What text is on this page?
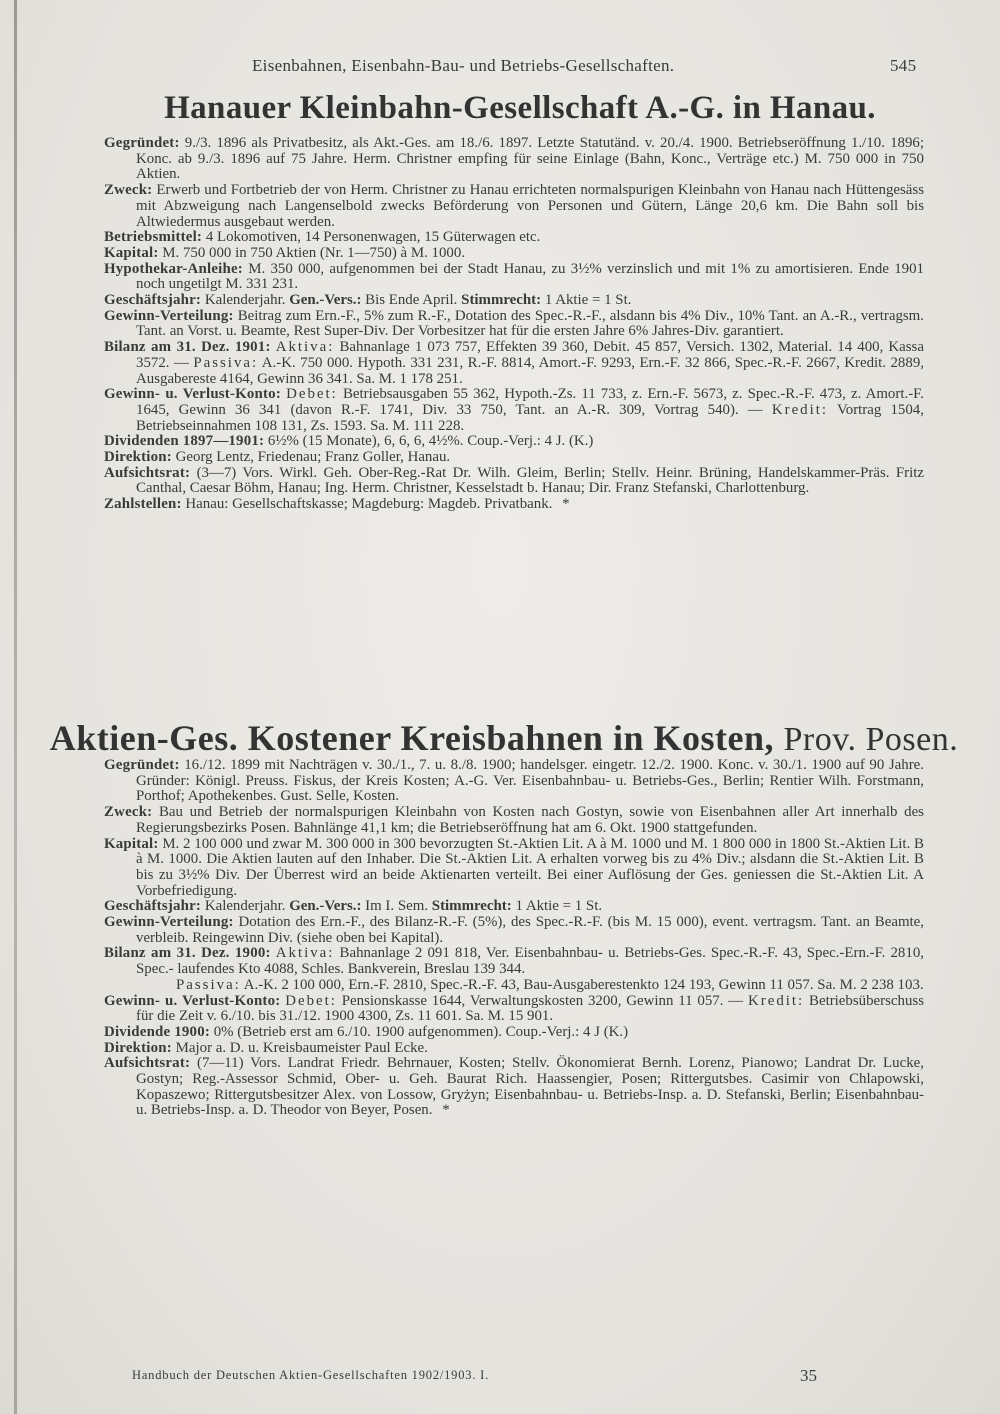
Eisenbahnen, Eisenbahn-Bau- und Betriebs-Gesellschaften.	545
Hanauer Kleinbahn-Gesellschaft A.-G. in Hanau.
Gegründet: 9./3. 1896 als Privatbesitz, als Akt.-Ges. am 18./6. 1897. Letzte Statutänd. v. 20./4. 1900. Betriebseröffnung 1./10. 1896; Konc. ab 9./3. 1896 auf 75 Jahre. Herm. Christner empfing für seine Einlage (Bahn, Konc., Verträge etc.) M. 750 000 in 750 Aktien.
Zweck: Erwerb und Fortbetrieb der von Herm. Christner zu Hanau errichteten normalspurigen Kleinbahn von Hanau nach Hüttengesäss mit Abzweigung nach Langenselbold zwecks Beförderung von Personen und Gütern, Länge 20,6 km. Die Bahn soll bis Altwiedermus ausgebaut werden.
Betriebsmittel: 4 Lokomotiven, 14 Personenwagen, 15 Güterwagen etc.
Kapital: M. 750 000 in 750 Aktien (Nr. 1—750) à M. 1000.
Hypothekar-Anleihe: M. 350 000, aufgenommen bei der Stadt Hanau, zu 3½% verzinslich und mit 1% zu amortisieren. Ende 1901 noch ungetilgt M. 331 231.
Geschäftsjahr: Kalenderjahr. Gen.-Vers.: Bis Ende April. Stimmrecht: 1 Aktie = 1 St.
Gewinn-Verteilung: Beitrag zum Ern.-F., 5% zum R.-F., Dotation des Spec.-R.-F., alsdann bis 4% Div., 10% Tant. an A.-R., vertragsm. Tant. an Vorst. u. Beamte, Rest Super-Div. Der Vorbesitzer hat für die ersten Jahre 6% Jahres-Div. garantiert.
Bilanz am 31. Dez. 1901: Aktiva: Bahnanlage 1 073 757, Effekten 39 360, Debit. 45 857, Versich. 1302, Material. 14 400, Kassa 3572. — Passiva: A.-K. 750 000. Hypoth. 331 231, R.-F. 8814, Amort.-F. 9293, Ern.-F. 32 866, Spec.-R.-F. 2667, Kredit. 2889, Ausgabereste 4164, Gewinn 36 341. Sa. M. 1 178 251.
Gewinn- u. Verlust-Konto: Debet: Betriebsausgaben 55 362, Hypoth.-Zs. 11 733, z. Ern.-F. 5673, z. Spec.-R.-F. 473, z. Amort.-F. 1645, Gewinn 36 341 (davon R.-F. 1741, Div. 33 750, Tant. an A.-R. 309, Vortrag 540). — Kredit: Vortrag 1504, Betriebseinnahmen 108 131, Zs. 1593. Sa. M. 111 228.
Dividenden 1897—1901: 6½% (15 Monate), 6, 6, 6, 4½%. Coup.-Verj.: 4 J. (K.)
Direktion: Georg Lentz, Friedenau; Franz Goller, Hanau.
Aufsichtsrat: (3—7) Vors. Wirkl. Geh. Ober-Reg.-Rat Dr. Wilh. Gleim, Berlin; Stellv. Heinr. Brüning, Handelskammer-Präs. Fritz Canthal, Caesar Böhm, Hanau; Ing. Herm. Christner, Kesselstadt b. Hanau; Dir. Franz Stefanski, Charlottenburg.
Zahlstellen: Hanau: Gesellschaftskasse; Magdeburg: Magdeb. Privatbank. *
Aktien-Ges. Kostener Kreisbahnen in Kosten, Prov. Posen.
Gegründet: 16./12. 1899 mit Nachträgen v. 30./1., 7. u. 8./8. 1900; handelsger. eingetr. 12./2. 1900. Konc. v. 30./1. 1900 auf 90 Jahre. Gründer: Königl. Preuss. Fiskus, der Kreis Kosten; A.-G. Ver. Eisenbahnbau- u. Betriebs-Ges., Berlin; Rentier Wilh. Forstmann, Porthof; Apothekenbes. Gust. Selle, Kosten.
Zweck: Bau und Betrieb der normalspurigen Kleinbahn von Kosten nach Gostyn, sowie von Eisenbahnen aller Art innerhalb des Regierungsbezirks Posen. Bahnlänge 41,1 km; die Betriebseröffnung hat am 6. Okt. 1900 stattgefunden.
Kapital: M. 2 100 000 und zwar M. 300 000 in 300 bevorzugten St.-Aktien Lit. A à M. 1000 und M. 1 800 000 in 1800 St.-Aktien Lit. B à M. 1000. Die Aktien lauten auf den Inhaber. Die St.-Aktien Lit. A erhalten vorweg bis zu 4% Div.; alsdann die St.-Aktien Lit. B bis zu 3½% Div. Der Überrest wird an beide Aktienarten verteilt. Bei einer Auflösung der Ges. geniessen die St.-Aktien Lit. A Vorbefriedigung.
Geschäftsjahr: Kalenderjahr. Gen.-Vers.: Im I. Sem. Stimmrecht: 1 Aktie = 1 St.
Gewinn-Verteilung: Dotation des Ern.-F., des Bilanz-R.-F. (5%), des Spec.-R.-F. (bis M. 15 000), event. vertragsm. Tant. an Beamte, verbleib. Reingewinn Div. (siehe oben bei Kapital).
Bilanz am 31. Dez. 1900: Aktiva: Bahnanlage 2 091 818, Ver. Eisenbahnbau- u. Betriebs-Ges. Spec.-R.-F. 43, Spec.-Ern.-F. 2810, Spec.- laufendes Kto 4088, Schles. Bankverein, Breslau 139 344.
Passiva: A.-K. 2 100 000, Ern.-F. 2810, Spec.-R.-F. 43, Bau-Ausgaberestenkto 124 193, Gewinn 11 057. Sa. M. 2 238 103.
Gewinn- u. Verlust-Konto: Debet: Pensionskasse 1644, Verwaltungskosten 3200, Gewinn 11 057. — Kredit: Betriebsüberschuss für die Zeit v. 6./10. bis 31./12. 1900 4300, Zs. 11 601. Sa. M. 15 901.
Dividende 1900: 0% (Betrieb erst am 6./10. 1900 aufgenommen). Coup.-Verj.: 4 J (K.)
Direktion: Major a. D. u. Kreisbaumeister Paul Ecke.
Aufsichtsrat: (7—11) Vors. Landrat Friedr. Behrnauer, Kosten; Stellv. Ökonomierat Bernh. Lorenz, Pianowo; Landrat Dr. Lucke, Gostyn; Reg.-Assessor Schmid, Ober- u. Geh. Baurat Rich. Haassengier, Posen; Rittergutsbes. Casimir von Chlapowski, Kopaszewo; Rittergutsbesitzer Alex. von Lossow, Gryżyn; Eisenbahnbau- u. Betriebs-Insp. a. D. Stefanski, Berlin; Eisenbahnbau- u. Betriebs-Insp. a. D. Theodor von Beyer, Posen. *
Handbuch der Deutschen Aktien-Gesellschaften 1902/1903. I.	35
